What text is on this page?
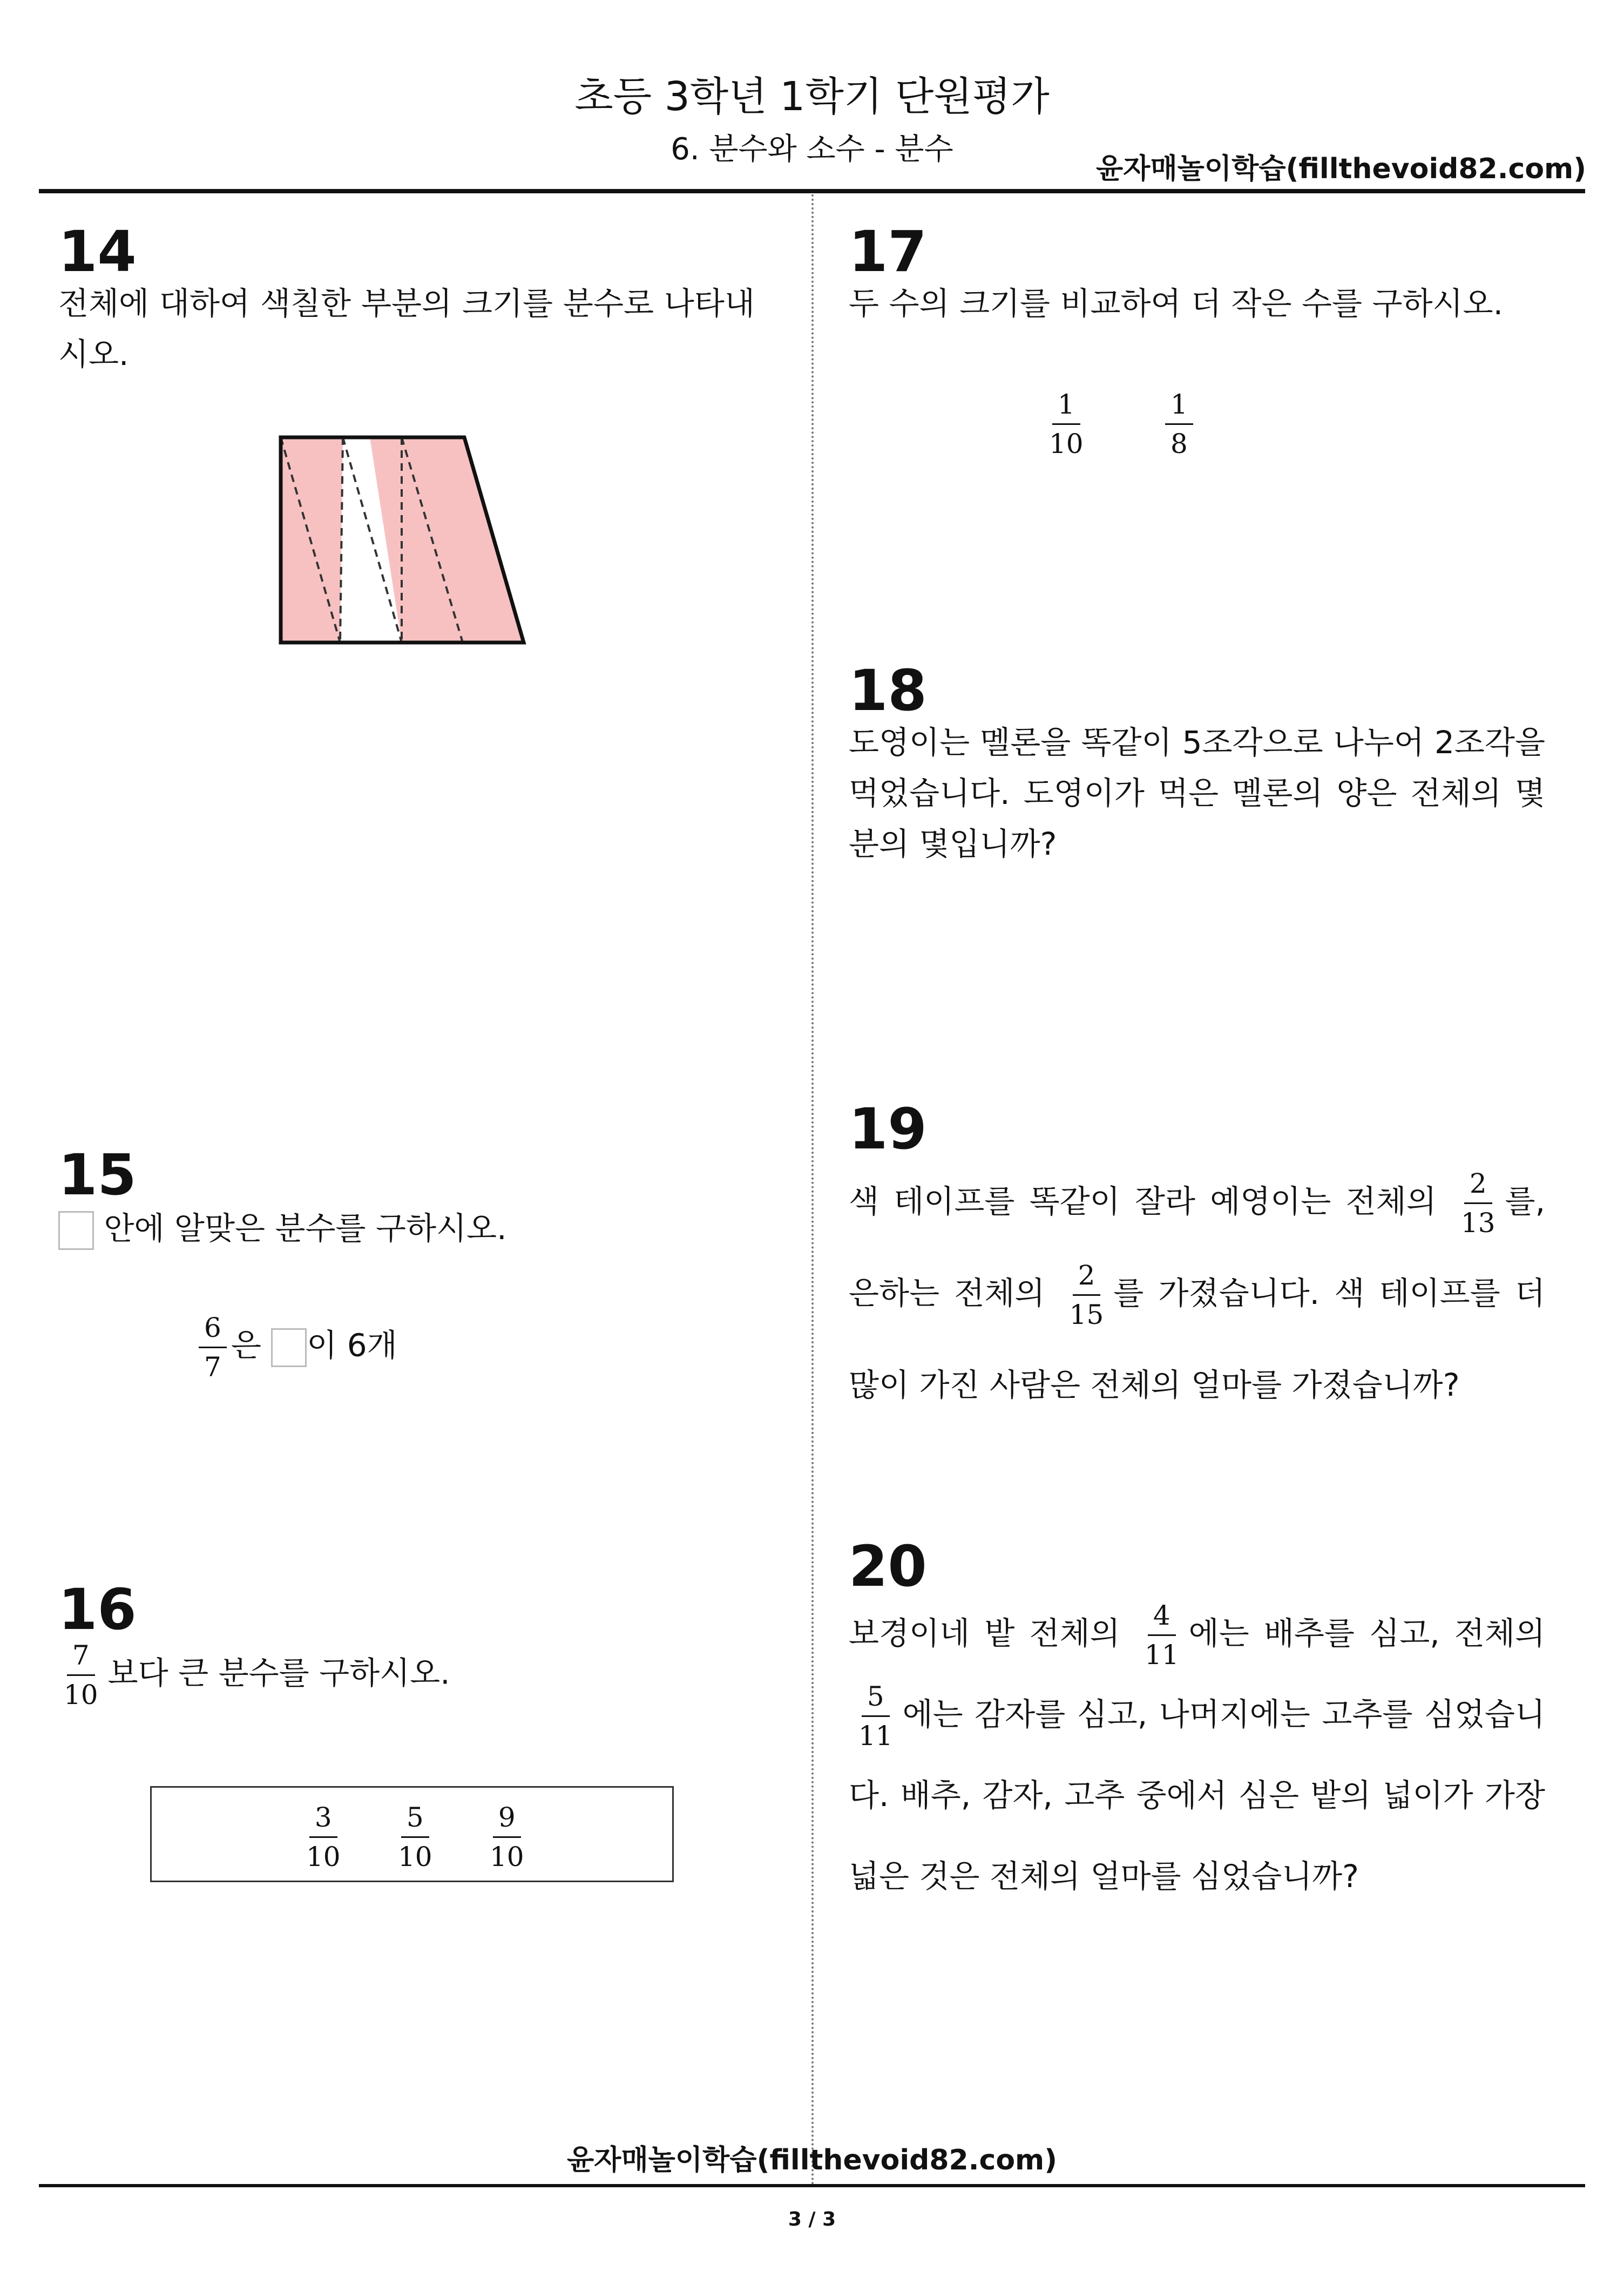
초등 3학년 1학기 단원평가
6. 분수와 소수 - 분수
윤자매놀이학습(fillthevoid82.com)
14
전체에 대하여 색칠한 부분의 크기를 분수로 나타내시오.
15
안에 알맞은 분수를 구하시오.
$\frac{6}{7}$ 은 이 6개
16
$\frac{7}{10}$ 보다 큰 분수를 구하시오.
$\frac{3}{10} \frac{5}{10} \frac{9}{10}$
17
두 수의 크기를 비교하여 더 작은 수를 구하시오.
$\frac{1}{10}$	$\frac{1}{8}$
18
도영이는 멜론을 똑같이 5조각으로 나누어 2조각을 먹었습니다. 도영이가 먹은 멜론의 양은 전체의 몇 분의 몇입니까?
19
색 테이프를 똑같이 잘라 예영이는 전체의 $\frac{2}{13}$ 를, 은하는 전체의 $\frac{2}{15}$ 를 가졌습니다. 색 테이프를 더 많이 가진 사람은 전체의 얼마를 가졌습니까?
20
보경이네 밭 전체의 $\frac{4}{11}$ 에는 배추를 심고, 전체의
$\frac{5}{11}$ 에는 감자를 심고, 나머지에는 고추를 심었습니다. 배추, 감자, 고추 중에서 심은 밭의 넓이가 가장 넓은 것은 전체의 얼마를 심었습니까?
윤자매놀이학습(fillthevoid82.com)
3 / 3
